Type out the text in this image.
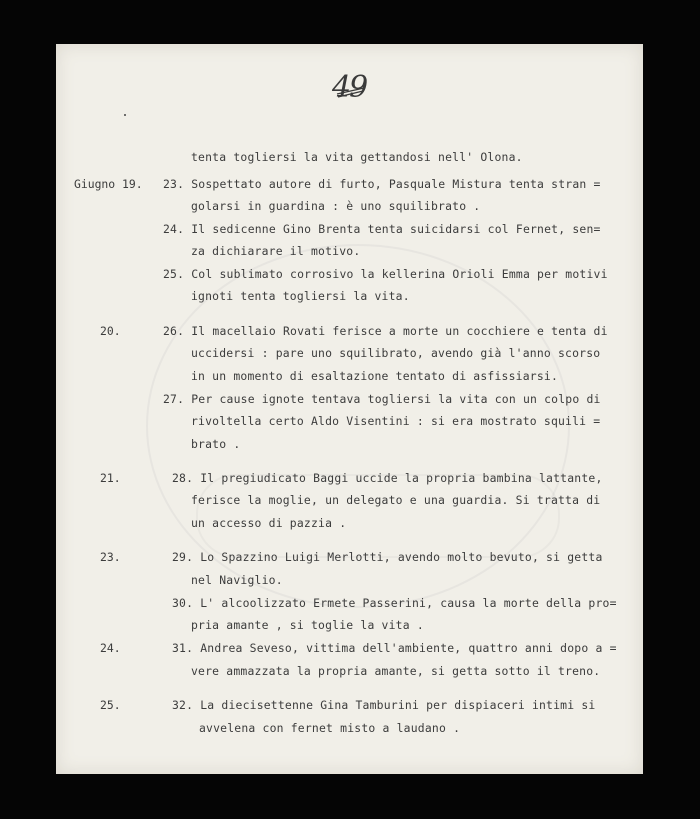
49
Giugno 19.
20.
21.
23.
24.
25.
tenta togliersi la vita gettandosi nell' Olona.
23. Sospettato autore di furto, Pasquale Mistura tenta stran =
golarsi in guardina : è uno squilibrato .
24. Il sedicenne Gino Brenta tenta suicidarsi col Fernet, sen=
za dichiarare il motivo.
25. Col sublimato corrosivo la kellerina Orioli Emma per motivi
ignoti tenta togliersi la vita.
26. Il macellaio Rovati ferisce a morte un cocchiere e tenta di
uccidersi : pare uno squilibrato, avendo già l'anno scorso
in un momento di esaltazione tentato di asfissiarsi.
27. Per cause ignote tentava togliersi la vita con un colpo di
rivoltella certo Aldo Visentini : si era mostrato squili =
brato .
28. Il pregiudicato Baggi uccide la propria bambina lattante,
ferisce la moglie, un delegato e una guardia. Si tratta di
un accesso di pazzia .
29. Lo Spazzino Luigi Merlotti, avendo molto bevuto, si getta
nel Naviglio.
30. L' alcoolizzato Ermete Passerini, causa la morte della pro=
pria amante , si toglie la vita .
31. Andrea Seveso, vittima dell'ambiente, quattro anni dopo a =
vere ammazzata la propria amante, si getta sotto il treno.
32. La diecisettenne Gina Tamburini per dispiaceri intimi si
avvelena con fernet misto a laudano .
